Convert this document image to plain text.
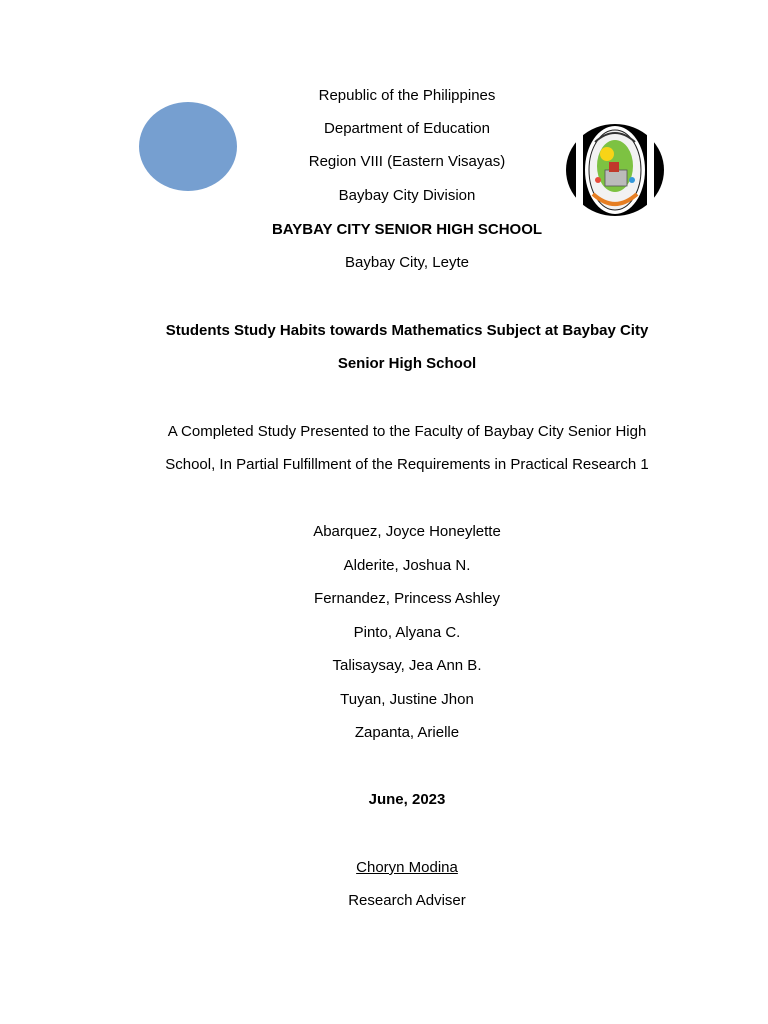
Republic of the Philippines
Department of Education
Region VIII (Eastern Visayas)
Baybay City Division
BAYBAY CITY SENIOR HIGH SCHOOL
Baybay City, Leyte
Students Study Habits towards Mathematics Subject at Baybay City
Senior High School
A Completed Study Presented to the Faculty of Baybay City Senior High
School, In Partial Fulfillment of the Requirements in Practical Research 1
Abarquez, Joyce Honeylette
Alderite, Joshua N.
Fernandez, Princess Ashley
Pinto, Alyana C.
Talisaysay, Jea Ann B.
Tuyan, Justine Jhon
Zapanta, Arielle
June, 2023
Choryn Modina
Research Adviser
